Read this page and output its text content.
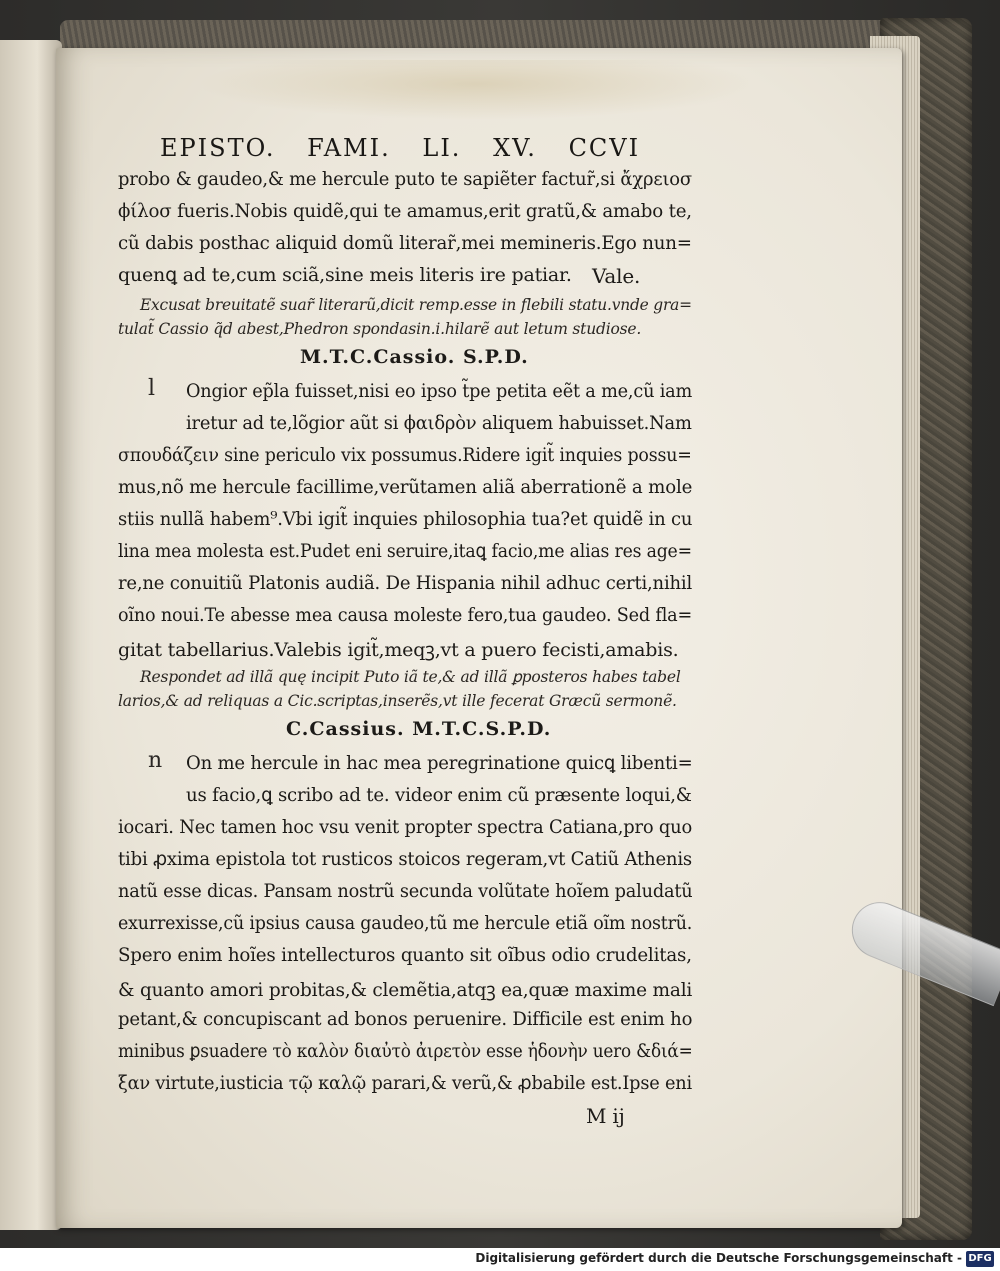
EPISTO. FAMI. LI. XV. CCVI
probo & gaudeo,& me hercule puto te sapiẽter factur̃,si ἄχρειοσ
ϕίλοσ fueris.Nobis quidẽ,qui te amamus,erit gratũ,& amabo te,
cũ dabis posthac aliquid domũ literar̃,mei memineris.Ego nun=
quenꝗ ad te,cum sciã,sine meis literis ire patiar. Vale.
Excusat breuitatẽ suar̃ literarũ,dicit remp.esse in flebili statu.vnde gra=
tulat̃ Cassio q̃d abest,Phedron spondasin.i.hilarẽ aut letum studiose.
M.T.C.Cassio. S.P.D.
l Ongior ep̃la fuisset,nisi eo ipso t̃pe petita eẽt a me,cũ iam
iretur ad te,lõgior aũt si ϕαιδρὸν aliquem habuisset.Nam
σπουδάζειν sine periculo vix possumus.Ridere igit̃ inquies possu=
mus,nõ me hercule facillime,verũtamen aliã aberrationẽ a mole
stiis nullã habem⁹.Vbi igit̃ inquies philosophia tua?et quidẽ in cu
lina mea molesta est.Pudet eni seruire,itaꝗ facio,me alias res age=
re,ne conuitiũ Platonis audiã. De Hispania nihil adhuc certi,nihil
oĩno noui.Te abesse mea causa moleste fero,tua gaudeo. Sed fla=
gitat tabellarius.Valebis igit̃,meqꝫ,vt a puero fecisti,amabis.
Respondet ad illã quę incipit Puto iã te,& ad illã ꝑposteros habes tabel
larios,& ad reliquas a Cic.scriptas,inserẽs,vt ille fecerat Græcũ sermonẽ.
C.Cassius. M.T.C.S.P.D.
n On me hercule in hac mea peregrinatione quicꝗ libenti=
us facio,ꝗ scribo ad te. videor enim cũ præsente loqui,&
iocari. Nec tamen hoc vsu venit propter spectra Catiana,pro quo
tibi ꝓxima epistola tot rusticos stoicos regeram,vt Catiũ Athenis
natũ esse dicas. Pansam nostrũ secunda volũtate hoĩem paludatũ
exurrexisse,cũ ipsius causa gaudeo,tũ me hercule etiã oĩm nostrũ.
Spero enim hoĩes intellecturos quanto sit oĩbus odio crudelitas,
& quanto amori probitas,& clemẽtia,atqꝫ ea,quæ maxime mali
petant,& concupiscant ad bonos peruenire. Difficile est enim ho
minibus ꝑsuadere τὸ καλὸν διαὐτὸ ἀιρετὸν esse ἡδονὴν uero &διά=
ξαν virtute,iusticia τῷ καλῷ parari,& verũ,& ꝓbabile est.Ipse eni
M ij
Digitalisierung gefördert durch die Deutsche Forschungsgemeinschaft - DFG
